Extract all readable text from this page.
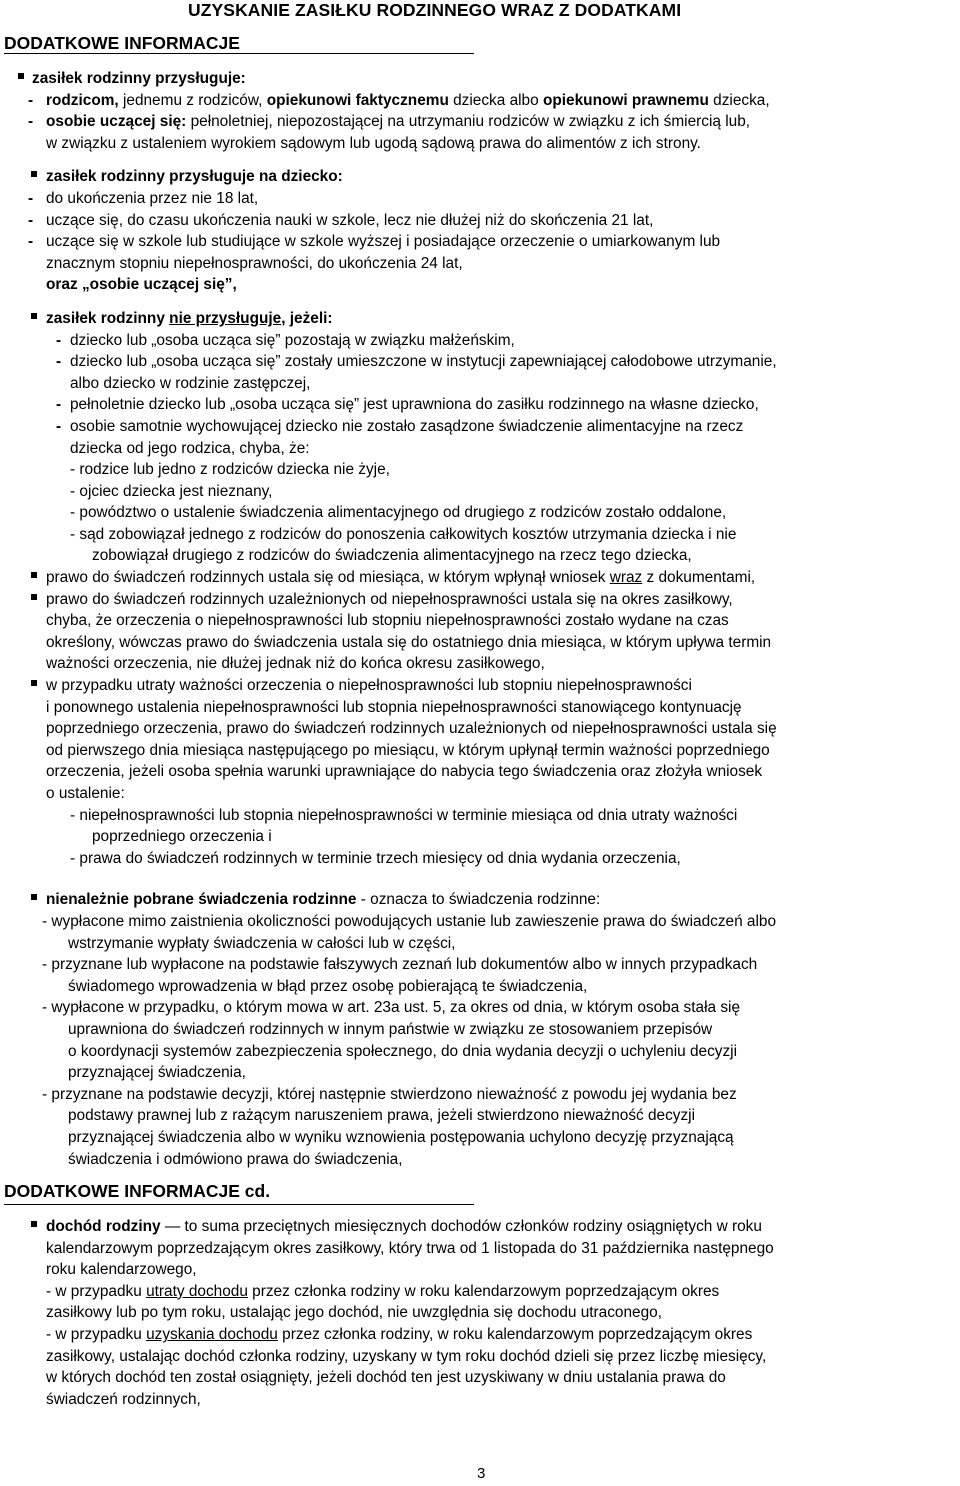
UZYSKANIE ZASIŁKU RODZINNEGO WRAZ Z DODATKAMI
DODATKOWE INFORMACJE
zasiłek rodzinny przysługuje:
- rodzicom, jednemu z rodziców, opiekunowi faktycznemu dziecka albo opiekunowi prawnemu dziecka,
- osobie uczącej się: pełnoletniej, niepozostającej na utrzymaniu rodziców w związku z ich śmiercią lub,
w związku z ustaleniem wyrokiem sądowym lub ugodą sądową prawa do alimentów z ich strony.
zasiłek rodzinny przysługuje na dziecko:
- do ukończenia przez nie 18 lat,
- uczące się, do czasu ukończenia nauki w szkole, lecz nie dłużej niż do skończenia 21 lat,
- uczące się w szkole lub studiujące w szkole wyższej i posiadające orzeczenie o umiarkowanym lub
znacznym stopniu niepełnosprawności, do ukończenia 24 lat,
oraz „osobie uczącej się”,
zasiłek rodzinny nie przysługuje, jeżeli:
- dziecko lub „osoba ucząca się” pozostają w związku małżeńskim,
- dziecko lub „osoba ucząca się” zostały umieszczone w instytucji zapewniającej całodobowe utrzymanie,
albo dziecko w rodzinie zastępczej,
- pełnoletnie dziecko lub „osoba ucząca się” jest uprawniona do zasiłku rodzinnego na własne dziecko,
- osobie samotnie wychowującej dziecko nie zostało zasądzone świadczenie alimentacyjne na rzecz
dziecka od jego rodzica, chyba, że:
- rodzice lub jedno z rodziców dziecka nie żyje,
- ojciec dziecka jest nieznany,
- powództwo o ustalenie świadczenia alimentacyjnego od drugiego z rodziców zostało oddalone,
- sąd zobowiązał jednego z rodziców do ponoszenia całkowitych kosztów utrzymania dziecka i nie
zobowiązał drugiego z rodziców do świadczenia alimentacyjnego na rzecz tego dziecka,
prawo do świadczeń rodzinnych ustala się od miesiąca, w którym wpłynął wniosek wraz z dokumentami,
prawo do świadczeń rodzinnych uzależnionych od niepełnosprawności ustala się na okres zasiłkowy,
chyba, że orzeczenia o niepełnosprawności lub stopniu niepełnosprawności zostało wydane na czas
określony, wówczas prawo do świadczenia ustala się do ostatniego dnia miesiąca, w którym upływa termin
ważności orzeczenia, nie dłużej jednak niż do końca okresu zasiłkowego,
w przypadku utraty ważności orzeczenia o niepełnosprawności lub stopniu niepełnosprawności
i ponownego ustalenia niepełnosprawności lub stopnia niepełnosprawności stanowiącego kontynuację
poprzedniego orzeczenia, prawo do świadczeń rodzinnych uzależnionych od niepełnosprawności ustala się
od pierwszego dnia miesiąca następującego po miesiącu, w którym upłynął termin ważności poprzedniego
orzeczenia, jeżeli osoba spełnia warunki uprawniające do nabycia tego świadczenia oraz złożyła wniosek
o ustalenie:
- niepełnosprawności lub stopnia niepełnosprawności w terminie miesiąca od dnia utraty ważności
poprzedniego orzeczenia i
- prawa do świadczeń rodzinnych w terminie trzech miesięcy od dnia wydania orzeczenia,
nienależnie pobrane świadczenia rodzinne - oznacza to świadczenia rodzinne:
- wypłacone mimo zaistnienia okoliczności powodujących ustanie lub zawieszenie prawa do świadczeń albo
wstrzymanie wypłaty świadczenia w całości lub w części,
- przyznane lub wypłacone na podstawie fałszywych zeznań lub dokumentów albo w innych przypadkach
świadomego wprowadzenia w błąd przez osobę pobierającą te świadczenia,
- wypłacone w przypadku, o którym mowa w art. 23a ust. 5, za okres od dnia, w którym osoba stała się
uprawniona do świadczeń rodzinnych w innym państwie w związku ze stosowaniem przepisów
o koordynacji systemów zabezpieczenia społecznego, do dnia wydania decyzji o uchyleniu decyzji
przyznającej świadczenia,
- przyznane na podstawie decyzji, której następnie stwierdzono nieważność z powodu jej wydania bez
podstawy prawnej lub z rażącym naruszeniem prawa, jeżeli stwierdzono nieważność decyzji
przyznającej świadczenia albo w wyniku wznowienia postępowania uchylono decyzję przyznającą
świadczenia i odmówiono prawa do świadczenia,
DODATKOWE INFORMACJE cd.
dochód rodziny — to suma przeciętnych miesięcznych dochodów członków rodziny osiągniętych w roku
kalendarzowym poprzedzającym okres zasiłkowy, który trwa od 1 listopada do 31 października następnego
roku kalendarzowego,
- w przypadku utraty dochodu przez członka rodziny w roku kalendarzowym poprzedzającym okres
zasiłkowy lub po tym roku, ustalając jego dochód, nie uwzględnia się dochodu utraconego,
- w przypadku uzyskania dochodu przez członka rodziny, w roku kalendarzowym poprzedzającym okres
zasiłkowy, ustalając dochód członka rodziny, uzyskany w tym roku dochód dzieli się przez liczbę miesięcy,
w których dochód ten został osiągnięty, jeżeli dochód ten jest uzyskiwany w dniu ustalania prawa do
świadczeń rodzinnych,
3
